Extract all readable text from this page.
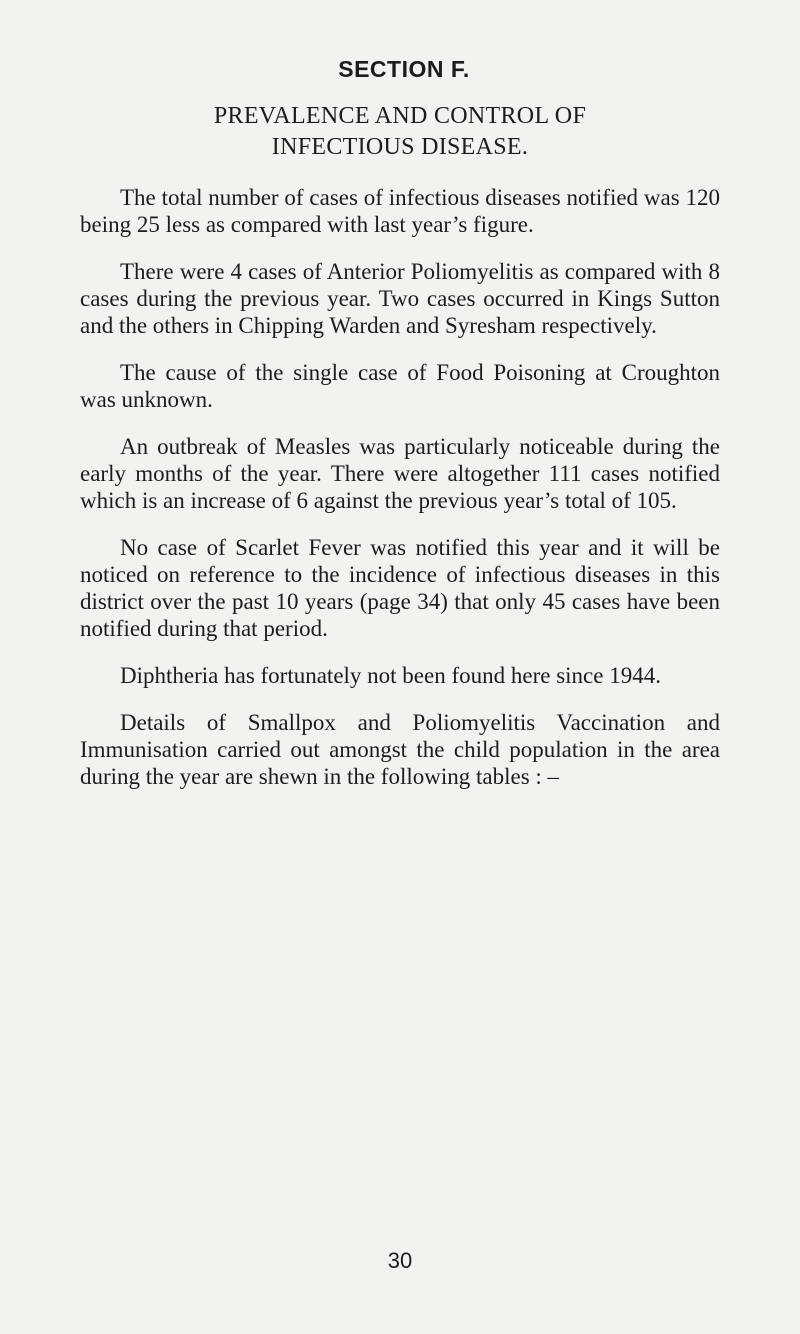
SECTION F.
PREVALENCE AND CONTROL OF
INFECTIOUS DISEASE.

The total number of cases of infectious diseases notified was 120 being 25 less as compared with last year’s figure.

There were 4 cases of Anterior Poliomyelitis as compared with 8 cases during the previous year. Two cases occurred in Kings Sutton and the others in Chipping Warden and Syresham respectively.

The cause of the single case of Food Poisoning at Croughton was unknown.

An outbreak of Measles was particularly noticeable during the early months of the year. There were altogether 111 cases notified which is an increase of 6 against the previous year’s total of 105.

No case of Scarlet Fever was notified this year and it will be noticed on reference to the incidence of infectious diseases in this district over the past 10 years (page 34) that only 45 cases have been notified during that period.

Diphtheria has fortunately not been found here since 1944.

Details of Smallpox and Poliomyelitis Vaccination and Immunisation carried out amongst the child population in the area during the year are shewn in the following tables : –

30
